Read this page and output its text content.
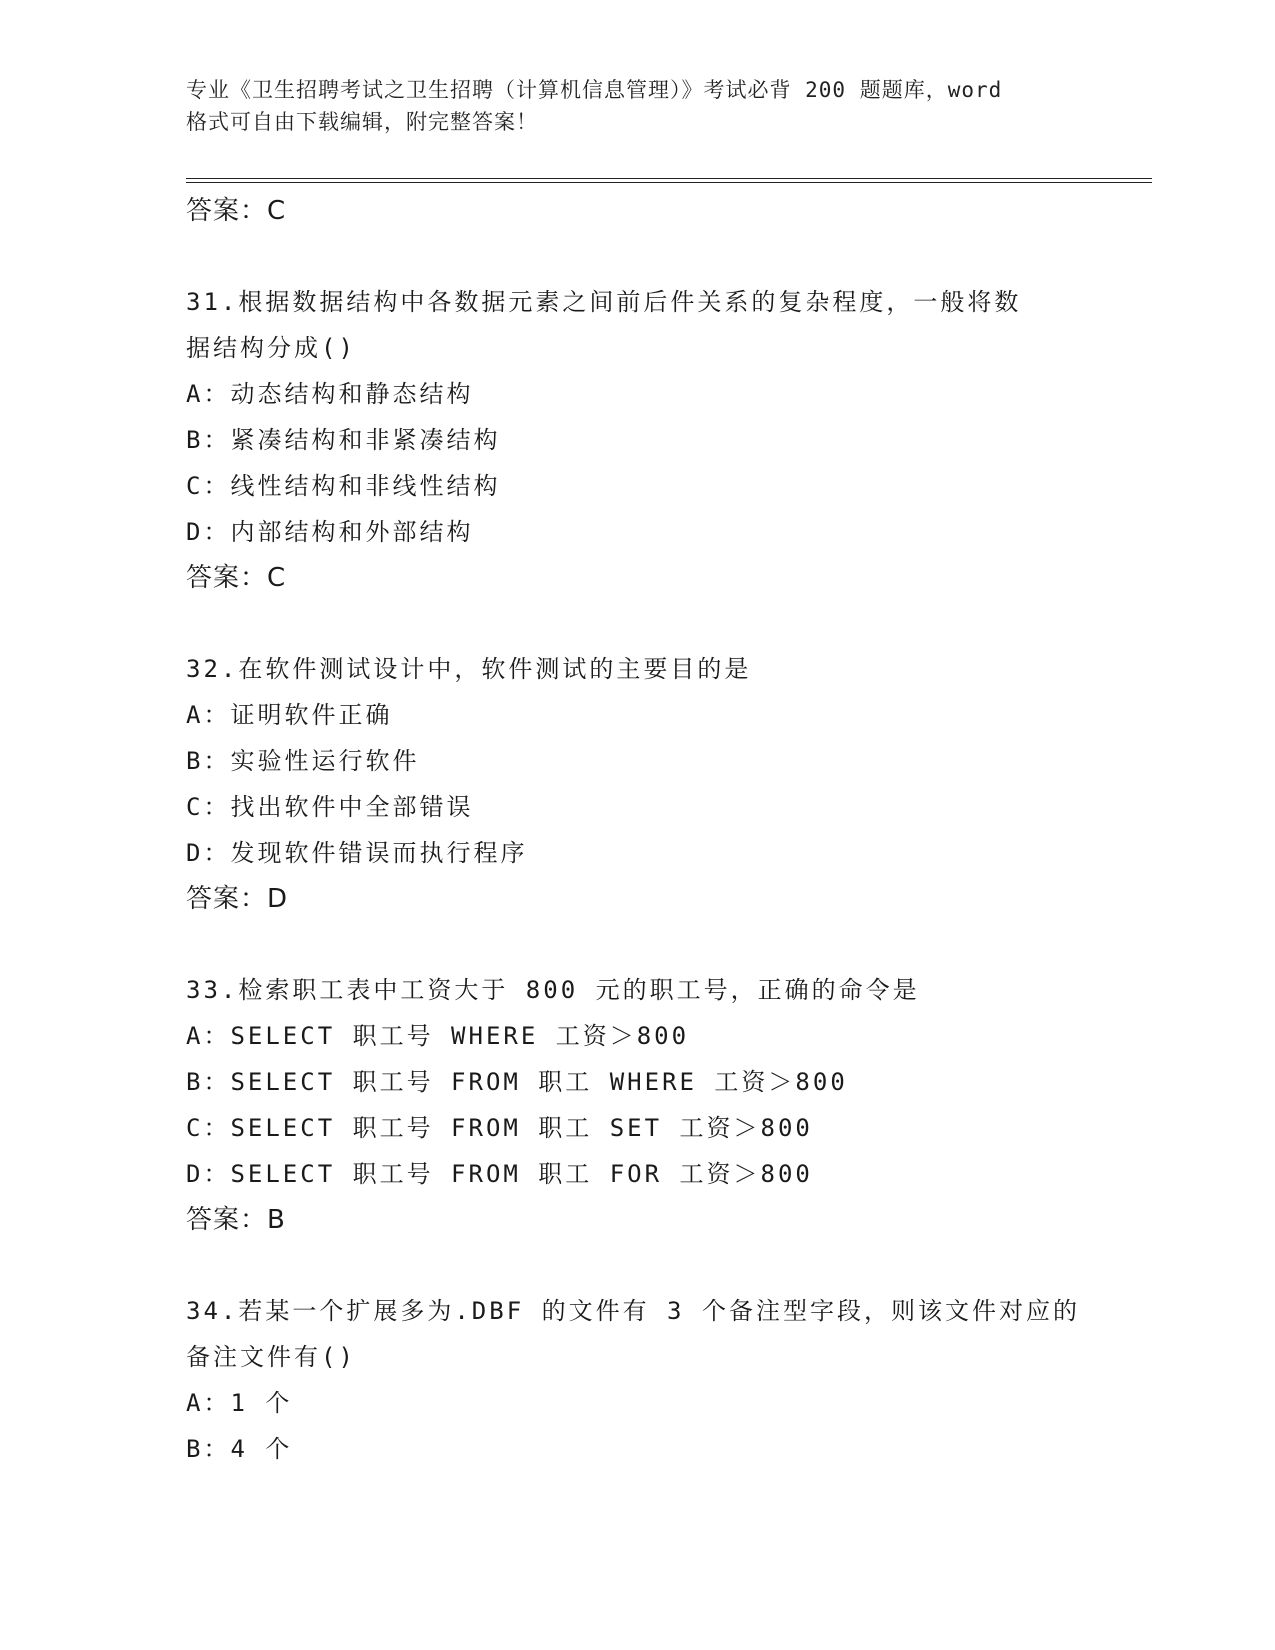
专业《卫生招聘考试之卫生招聘（计算机信息管理）》考试必背 200 题题库，word
格式可自由下载编辑，附完整答案！
答案：C
31.根据数据结构中各数据元素之间前后件关系的复杂程度，一般将数
据结构分成()
A：动态结构和静态结构
B：紧凑结构和非紧凑结构
C：线性结构和非线性结构
D：内部结构和外部结构
答案：C
32.在软件测试设计中，软件测试的主要目的是
A：证明软件正确
B：实验性运行软件
C：找出软件中全部错误
D：发现软件错误而执行程序
答案：D
33.检索职工表中工资大于 800 元的职工号，正确的命令是
A：SELECT 职工号 WHERE 工资＞800
B：SELECT 职工号 FROM 职工 WHERE 工资＞800
C：SELECT 职工号 FROM 职工 SET 工资＞800
D：SELECT 职工号 FROM 职工 FOR 工资＞800
答案：B
34.若某一个扩展多为.DBF 的文件有 3 个备注型字段，则该文件对应的
备注文件有()
A：1 个
B：4 个
